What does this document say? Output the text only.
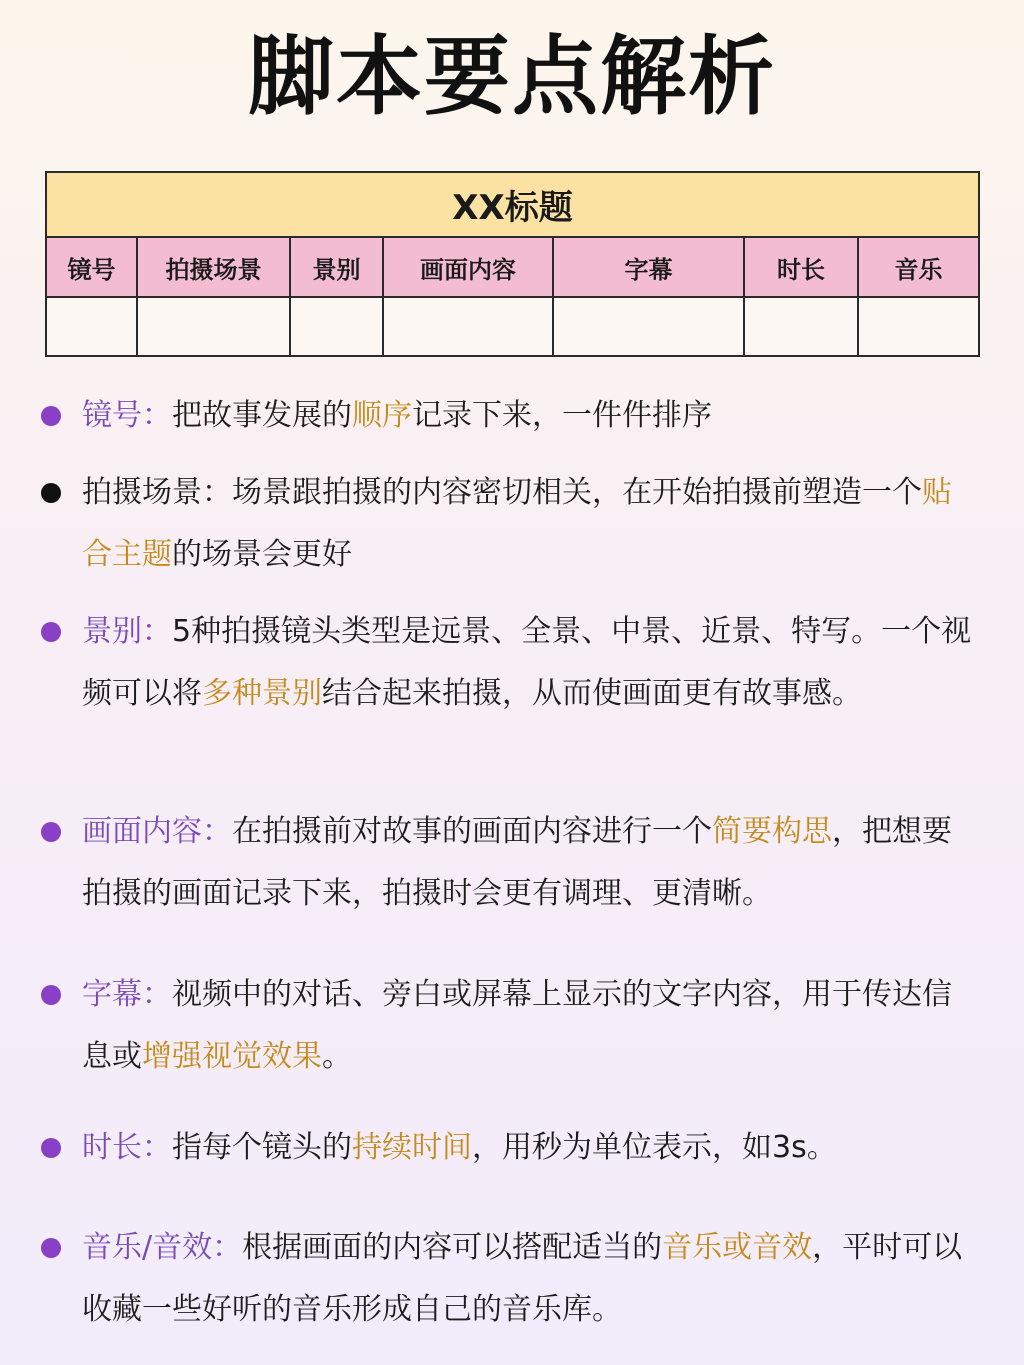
脚本要点解析
XX标题						
镜号	拍摄场景	景别	画面内容	字幕	时长	音乐

镜号：把故事发展的顺序记录下来，一件件排序
拍摄场景：场景跟拍摄的内容密切相关，在开始拍摄前塑造一个贴合主题的场景会更好
景别：5种拍摄镜头类型是远景、全景、中景、近景、特写。一个视频可以将多种景别结合起来拍摄，从而使画面更有故事感。
画面内容：在拍摄前对故事的画面内容进行一个简要构思，把想要拍摄的画面记录下来，拍摄时会更有调理、更清晰。
字幕：视频中的对话、旁白或屏幕上显示的文字内容，用于传达信息或增强视觉效果。
时长：指每个镜头的持续时间，用秒为单位表示，如3s。
音乐/音效：根据画面的内容可以搭配适当的音乐或音效，平时可以收藏一些好听的音乐形成自己的音乐库。
